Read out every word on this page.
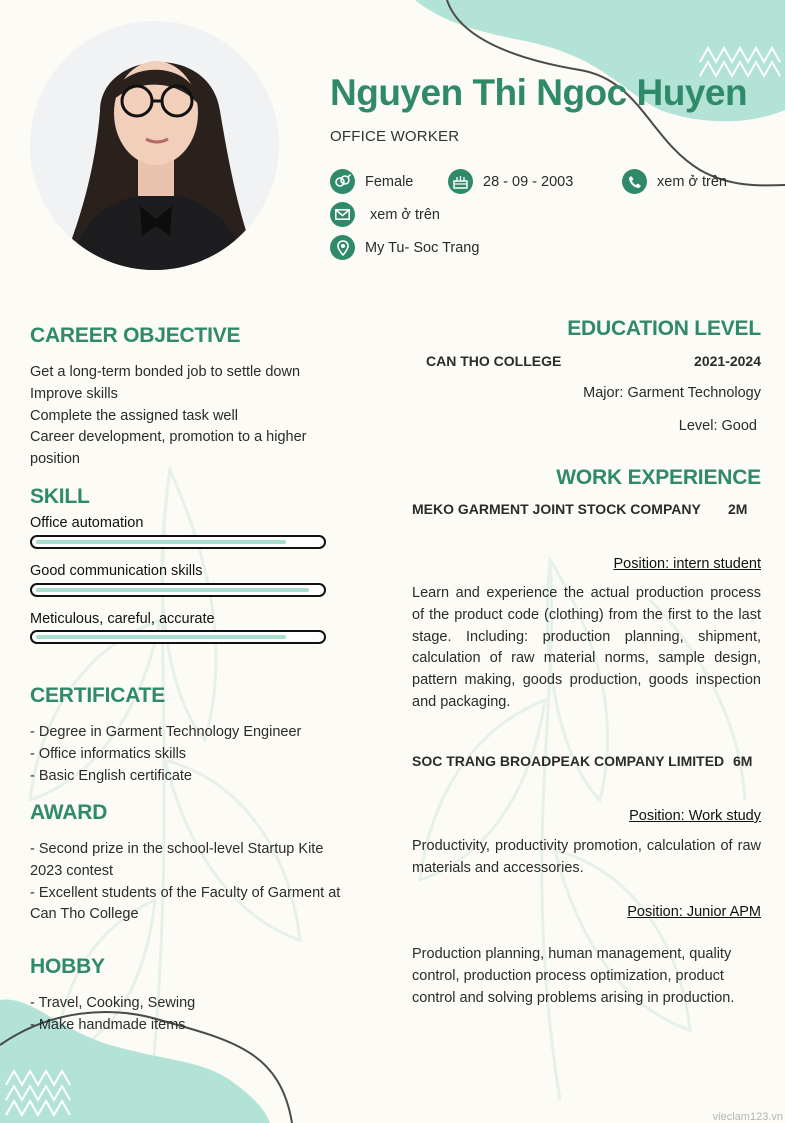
Nguyen Thi Ngoc Huyen
OFFICE WORKER
Female	28 - 09 - 2003	xem ở trên
xem ở trên
My Tu- Soc Trang
CAREER OBJECTIVE
Get a long-term bonded job to settle down
Improve skills
Complete the assigned task well
Career development, promotion to a higher
position
SKILL
Office automation
Good communication skills
Meticulous, careful, accurate
CERTIFICATE
- Degree in Garment Technology Engineer
- Office informatics skills
- Basic English certificate
AWARD
- Second prize in the school-level Startup Kite
2023 contest
- Excellent students of the Faculty of Garment at
Can Tho College
HOBBY
- Travel, Cooking, Sewing
- Make handmade items
EDUCATION LEVEL
CAN THO COLLEGE	2021-2024
Major: Garment Technology
Level: Good
WORK EXPERIENCE
MEKO GARMENT JOINT STOCK COMPANY 2M
Position: intern student
Learn and experience the actual production process of the product code (clothing) from the first to the last stage. Including: production planning, shipment, calculation of raw material norms, sample design, pattern making, goods production, goods inspection and packaging.
SOC TRANG BROADPEAK COMPANY LIMITED 6M
Position: Work study
Productivity, productivity promotion, calculation of raw materials and accessories.
Position: Junior APM
Production planning, human management, quality control, production process optimization, product control and solving problems arising in production.
vieclam123.vn
